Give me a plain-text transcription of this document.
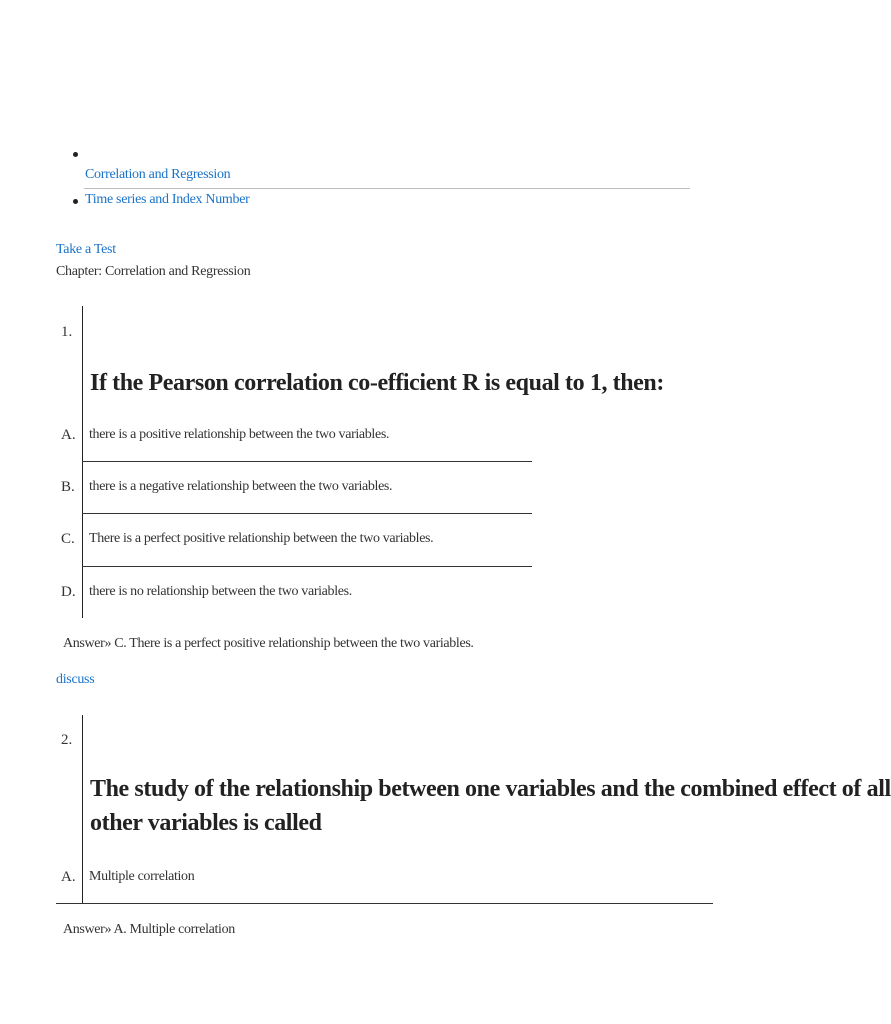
Correlation and Regression
Time series and Index Number
Take a Test
Chapter: Correlation and Regression
1.
If the Pearson correlation co-efficient R is equal to 1, then:
A. there is a positive relationship between the two variables.
B. there is a negative relationship between the two variables.
C. There is a perfect positive relationship between the two variables.
D. there is no relationship between the two variables.
Answer» C. There is a perfect positive relationship between the two variables.
discuss
2.
The study of the relationship between one variables and the combined effect of all
other variables is called
A. Multiple correlation
Answer» A. Multiple correlation
